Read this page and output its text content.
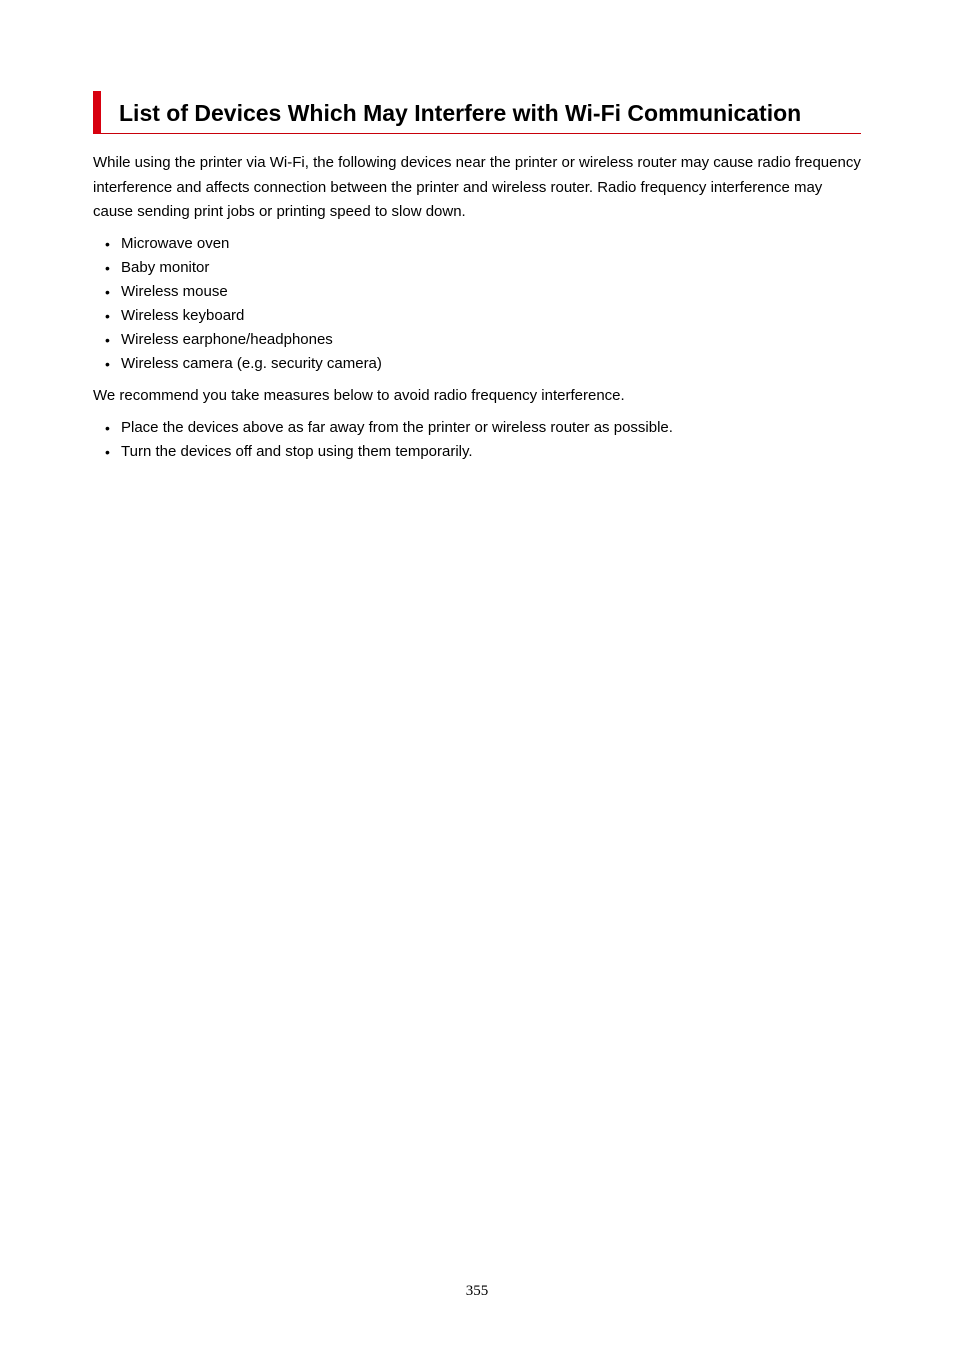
List of Devices Which May Interfere with Wi-Fi Communication

While using the printer via Wi-Fi, the following devices near the printer or wireless router may cause radio frequency interference and affects connection between the printer and wireless router. Radio frequency interference may cause sending print jobs or printing speed to slow down.

• Microwave oven
• Baby monitor
• Wireless mouse
• Wireless keyboard
• Wireless earphone/headphones
• Wireless camera (e.g. security camera)

We recommend you take measures below to avoid radio frequency interference.

• Place the devices above as far away from the printer or wireless router as possible.
• Turn the devices off and stop using them temporarily.
355
